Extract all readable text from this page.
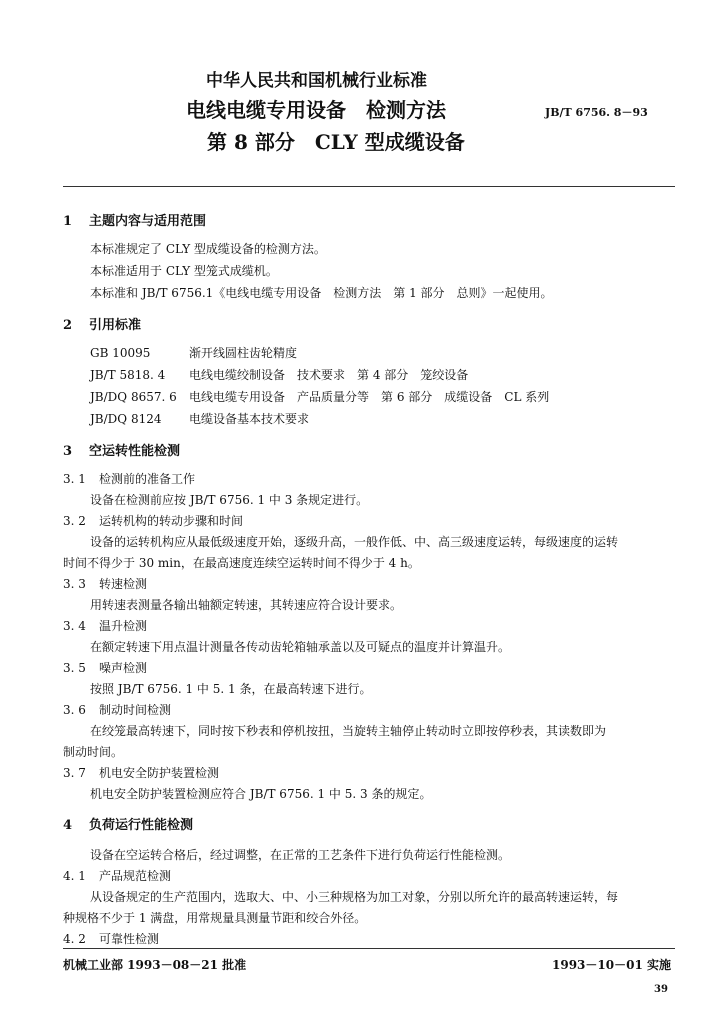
中华人民共和国机械行业标准
电线电缆专用设备　检测方法	JB/T 6756. 8－93
第 8 部分　CLY 型成缆设备
1 主题内容与适用范围
本标准规定了 CLY 型成缆设备的检测方法。
本标准适用于 CLY 型笼式成缆机。
本标准和 JB/T 6756.1《电线电缆专用设备　检测方法　第 1 部分　总则》一起使用。
2 引用标准
GB 10095	渐开线圆柱齿轮精度
JB/T 5818. 4 电线电缆绞制设备　技术要求　第 4 部分　笼绞设备
JB/DQ 8657. 6 电线电缆专用设备　产品质量分等　第 6 部分　成缆设备　CL 系列
JB/DQ 8124 电缆设备基本技术要求
3 空运转性能检测
3. 1 检测前的准备工作
设备在检测前应按 JB/T 6756. 1 中 3 条规定进行。
3. 2 运转机构的转动步骤和时间
设备的运转机构应从最低级速度开始，逐级升高，一般作低、中、高三级速度运转，每级速度的运转
时间不得少于 30 min，在最高速度连续空运转时间不得少于 4 h。
3. 3 转速检测
用转速表测量各输出轴额定转速，其转速应符合设计要求。
3. 4 温升检测
在额定转速下用点温计测量各传动齿轮箱轴承盖以及可疑点的温度并计算温升。
3. 5 噪声检测
按照 JB/T 6756. 1 中 5. 1 条，在最高转速下进行。
3. 6 制动时间检测
在绞笼最高转速下，同时按下秒表和停机按扭，当旋转主轴停止转动时立即按停秒表，其读数即为
制动时间。
3. 7 机电安全防护装置检测
机电安全防护装置检测应符合 JB/T 6756. 1 中 5. 3 条的规定。
4 负荷运行性能检测
设备在空运转合格后，经过调整，在正常的工艺条件下进行负荷运行性能检测。
4. 1 产品规范检测
从设备规定的生产范围内，选取大、中、小三种规格为加工对象，分别以所允许的最高转速运转，每
种规格不少于 1 满盘，用常规量具测量节距和绞合外径。
4. 2 可靠性检测
机械工业部 1993－08－21 批准	1993－10－01 实施
39
